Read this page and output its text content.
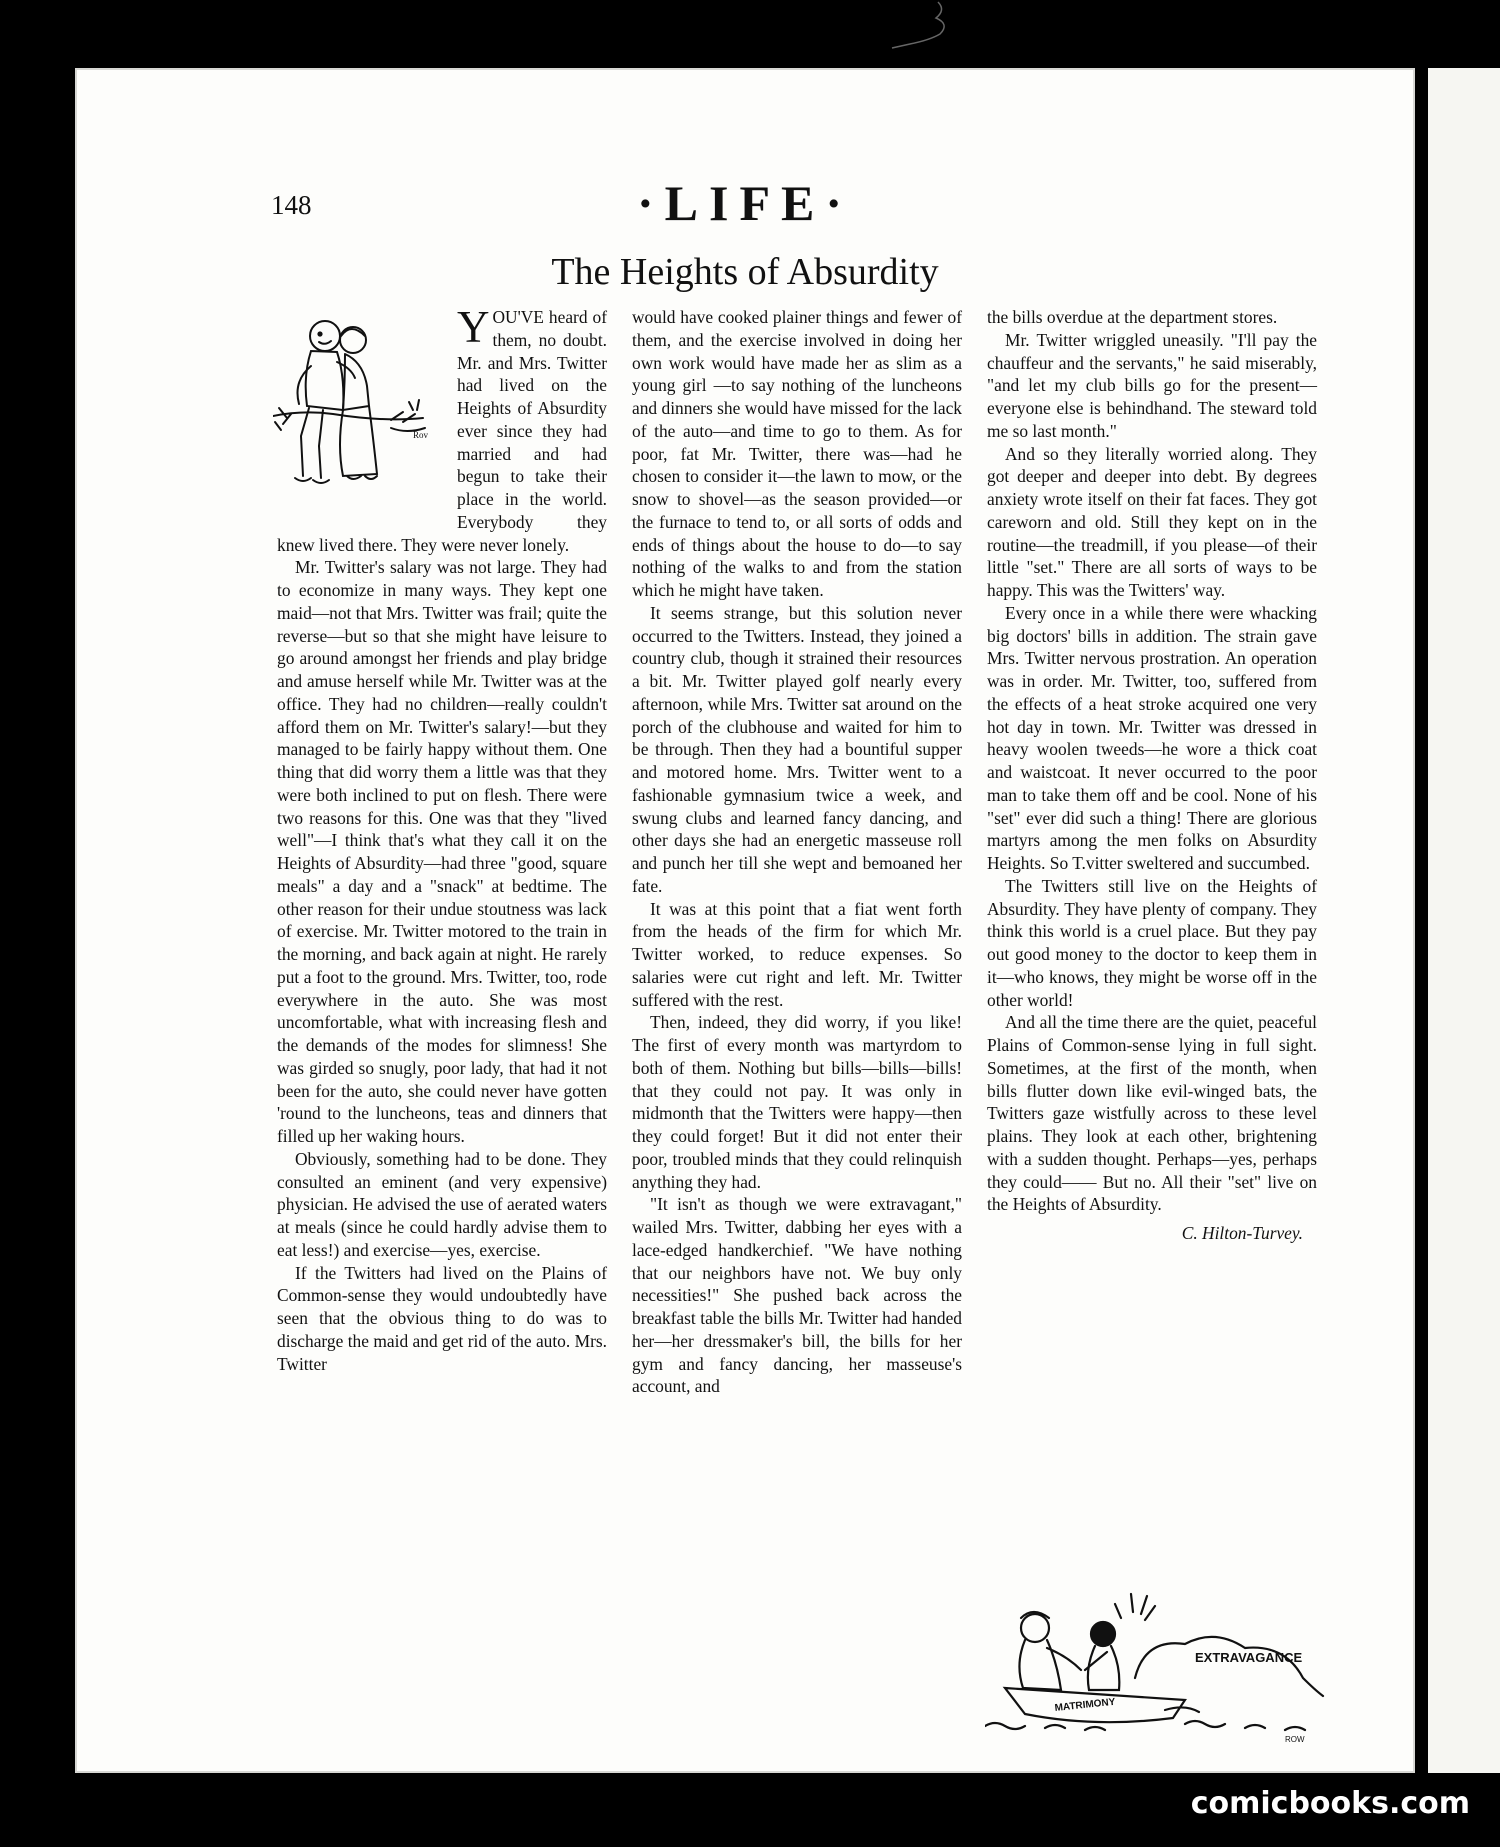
148	·LIFE·
The Heights of Absurdity
Rov

YOU'VE heard of them, no doubt. Mr. and Mrs. Twitter had lived on the Heights of Absurdity ever since they had married and had begun to take their place in the world. Everybody they knew lived there. They were never lonely.

Mr. Twitter's salary was not large. They had to economize in many ways. They kept one maid—not that Mrs. Twitter was frail; quite the reverse—but so that she might have leisure to go around amongst her friends and play bridge and amuse herself while Mr. Twitter was at the office. They had no children—really couldn't afford them on Mr. Twitter's salary!—but they managed to be fairly happy without them. One thing that did worry them a little was that they were both inclined to put on flesh. There were two reasons for this. One was that they "lived well"—I think that's what they call it on the Heights of Absurdity—had three "good, square meals" a day and a "snack" at bedtime. The other reason for their undue stoutness was lack of exercise. Mr. Twitter motored to the train in the morning, and back again at night. He rarely put a foot to the ground. Mrs. Twitter, too, rode everywhere in the auto. She was most uncomfortable, what with increasing flesh and the demands of the modes for slimness! She was girded so snugly, poor lady, that had it not been for the auto, she could never have gotten 'round to the luncheons, teas and dinners that filled up her waking hours.

Obviously, something had to be done. They consulted an eminent (and very expensive) physician. He advised the use of aerated waters at meals (since he could hardly advise them to eat less!) and exercise—yes, exercise.

If the Twitters had lived on the Plains of Common-sense they would undoubtedly have seen that the obvious thing to do was to discharge the maid and get rid of the auto. Mrs. Twitter

would have cooked plainer things and fewer of them, and the exercise involved in doing her own work would have made her as slim as a young girl —to say nothing of the luncheons and dinners she would have missed for the lack of the auto—and time to go to them. As for poor, fat Mr. Twitter, there was—had he chosen to consider it—the lawn to mow, or the snow to shovel—as the season provided—or the furnace to tend to, or all sorts of odds and ends of things about the house to do—to say nothing of the walks to and from the station which he might have taken.

It seems strange, but this solution never occurred to the Twitters. Instead, they joined a country club, though it strained their resources a bit. Mr. Twitter played golf nearly every afternoon, while Mrs. Twitter sat around on the porch of the clubhouse and waited for him to be through. Then they had a bountiful supper and motored home. Mrs. Twitter went to a fashionable gymnasium twice a week, and swung clubs and learned fancy dancing, and other days she had an energetic masseuse roll and punch her till she wept and bemoaned her fate.

It was at this point that a fiat went forth from the heads of the firm for which Mr. Twitter worked, to reduce expenses. So salaries were cut right and left. Mr. Twitter suffered with the rest.

Then, indeed, they did worry, if you like! The first of every month was martyrdom to both of them. Nothing but bills—bills—bills! that they could not pay. It was only in midmonth that the Twitters were happy—then they could forget! But it did not enter their poor, troubled minds that they could relinquish anything they had.

"It isn't as though we were extravagant," wailed Mrs. Twitter, dabbing her eyes with a lace-edged handkerchief. "We have nothing that our neighbors have not. We buy only necessities!" She pushed back across the breakfast table the bills Mr. Twitter had handed her—her dressmaker's bill, the bills for her gym and fancy dancing, her masseuse's account, and

the bills overdue at the department stores.

Mr. Twitter wriggled uneasily. "I'll pay the chauffeur and the servants," he said miserably, "and let my club bills go for the present—everyone else is behindhand. The steward told me so last month."

And so they literally worried along. They got deeper and deeper into debt. By degrees anxiety wrote itself on their fat faces. They got careworn and old. Still they kept on in the routine—the treadmill, if you please—of their little "set." There are all sorts of ways to be happy. This was the Twitters' way.

Every once in a while there were whacking big doctors' bills in addition. The strain gave Mrs. Twitter nervous prostration. An operation was in order. Mr. Twitter, too, suffered from the effects of a heat stroke acquired one very hot day in town. Mr. Twitter was dressed in heavy woolen tweeds—he wore a thick coat and waistcoat. It never occurred to the poor man to take them off and be cool. None of his "set" ever did such a thing! There are glorious martyrs among the men folks on Absurdity Heights. So T.vitter sweltered and succumbed.

The Twitters still live on the Heights of Absurdity. They have plenty of company. They think this world is a cruel place. But they pay out good money to the doctor to keep them in it—who knows, they might be worse off in the other world!

And all the time there are the quiet, peaceful Plains of Common-sense lying in full sight. Sometimes, at the first of the month, when bills flutter down like evil-winged bats, the Twitters gaze wistfully across to these level plains. They look at each other, brightening with a sudden thought. Perhaps—yes, perhaps they could—— But no. All their "set" live on the Heights of Absurdity.

C. Hilton-Turvey.
EXTRAVAGANCE
MATRIMONY
ROW
comicbooks.com
